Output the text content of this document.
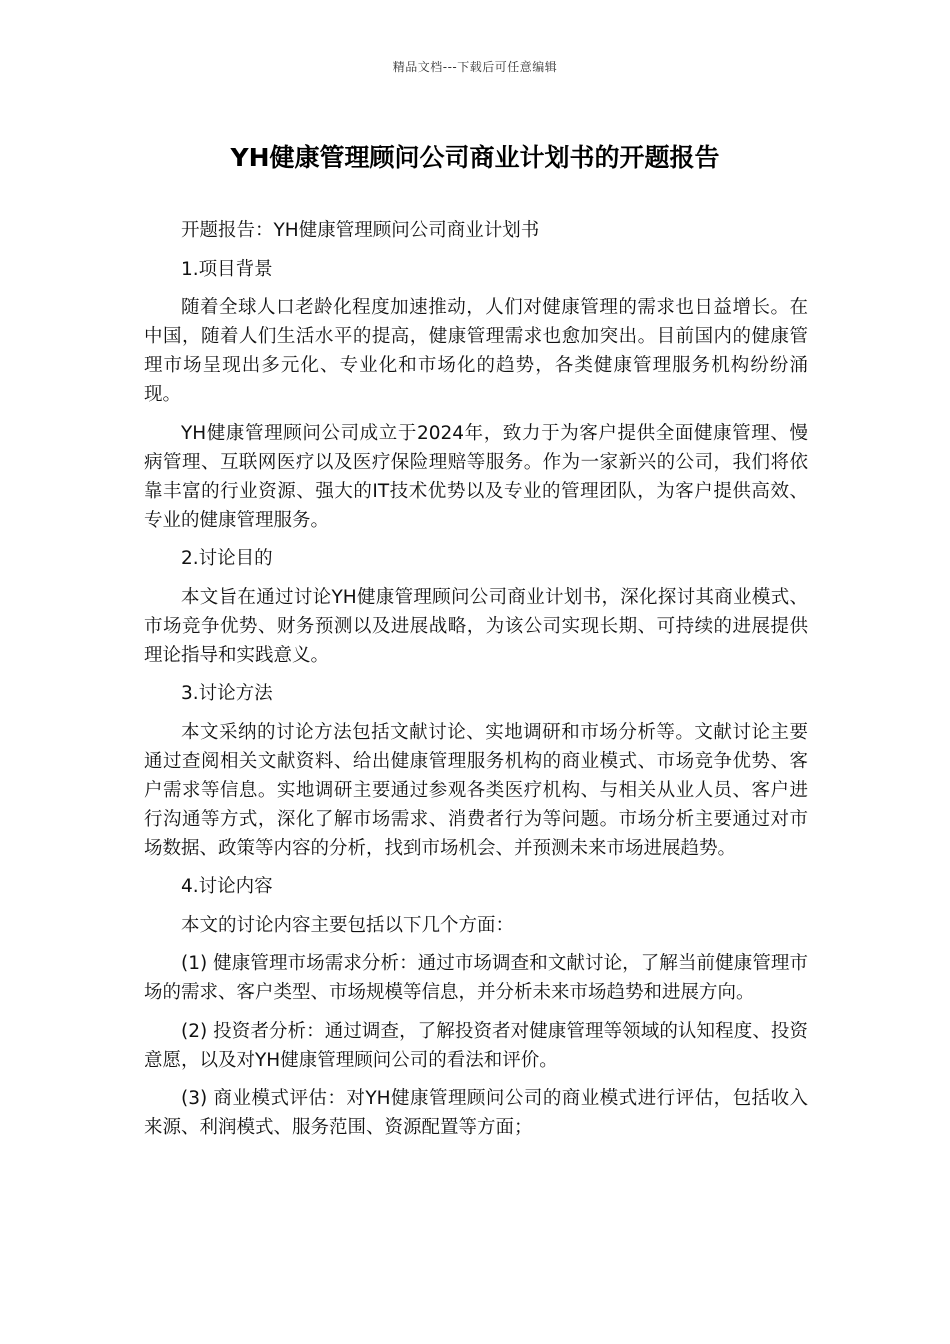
精品文档---下载后可任意编辑
YH健康管理顾问公司商业计划书的开题报告

开题报告：YH健康管理顾问公司商业计划书

1.项目背景

随着全球人口老龄化程度加速推动，人们对健康管理的需求也日益增长。在中国，随着人们生活水平的提高，健康管理需求也愈加突出。目前国内的健康管理市场呈现出多元化、专业化和市场化的趋势，各类健康管理服务机构纷纷涌现。

YH健康管理顾问公司成立于2024年，致力于为客户提供全面健康管理、慢病管理、互联网医疗以及医疗保险理赔等服务。作为一家新兴的公司，我们将依靠丰富的行业资源、强大的IT技术优势以及专业的管理团队，为客户提供高效、专业的健康管理服务。

2.讨论目的

本文旨在通过讨论YH健康管理顾问公司商业计划书，深化探讨其商业模式、市场竞争优势、财务预测以及进展战略，为该公司实现长期、可持续的进展提供理论指导和实践意义。

3.讨论方法

本文采纳的讨论方法包括文献讨论、实地调研和市场分析等。文献讨论主要通过查阅相关文献资料、给出健康管理服务机构的商业模式、市场竞争优势、客户需求等信息。实地调研主要通过参观各类医疗机构、与相关从业人员、客户进行沟通等方式，深化了解市场需求、消费者行为等问题。市场分析主要通过对市场数据、政策等内容的分析，找到市场机会、并预测未来市场进展趋势。

4.讨论内容

本文的讨论内容主要包括以下几个方面：

(1) 健康管理市场需求分析：通过市场调查和文献讨论，了解当前健康管理市场的需求、客户类型、市场规模等信息，并分析未来市场趋势和进展方向。

(2) 投资者分析：通过调查，了解投资者对健康管理等领域的认知程度、投资意愿，以及对YH健康管理顾问公司的看法和评价。

(3) 商业模式评估：对YH健康管理顾问公司的商业模式进行评估，包括收入来源、利润模式、服务范围、资源配置等方面；
